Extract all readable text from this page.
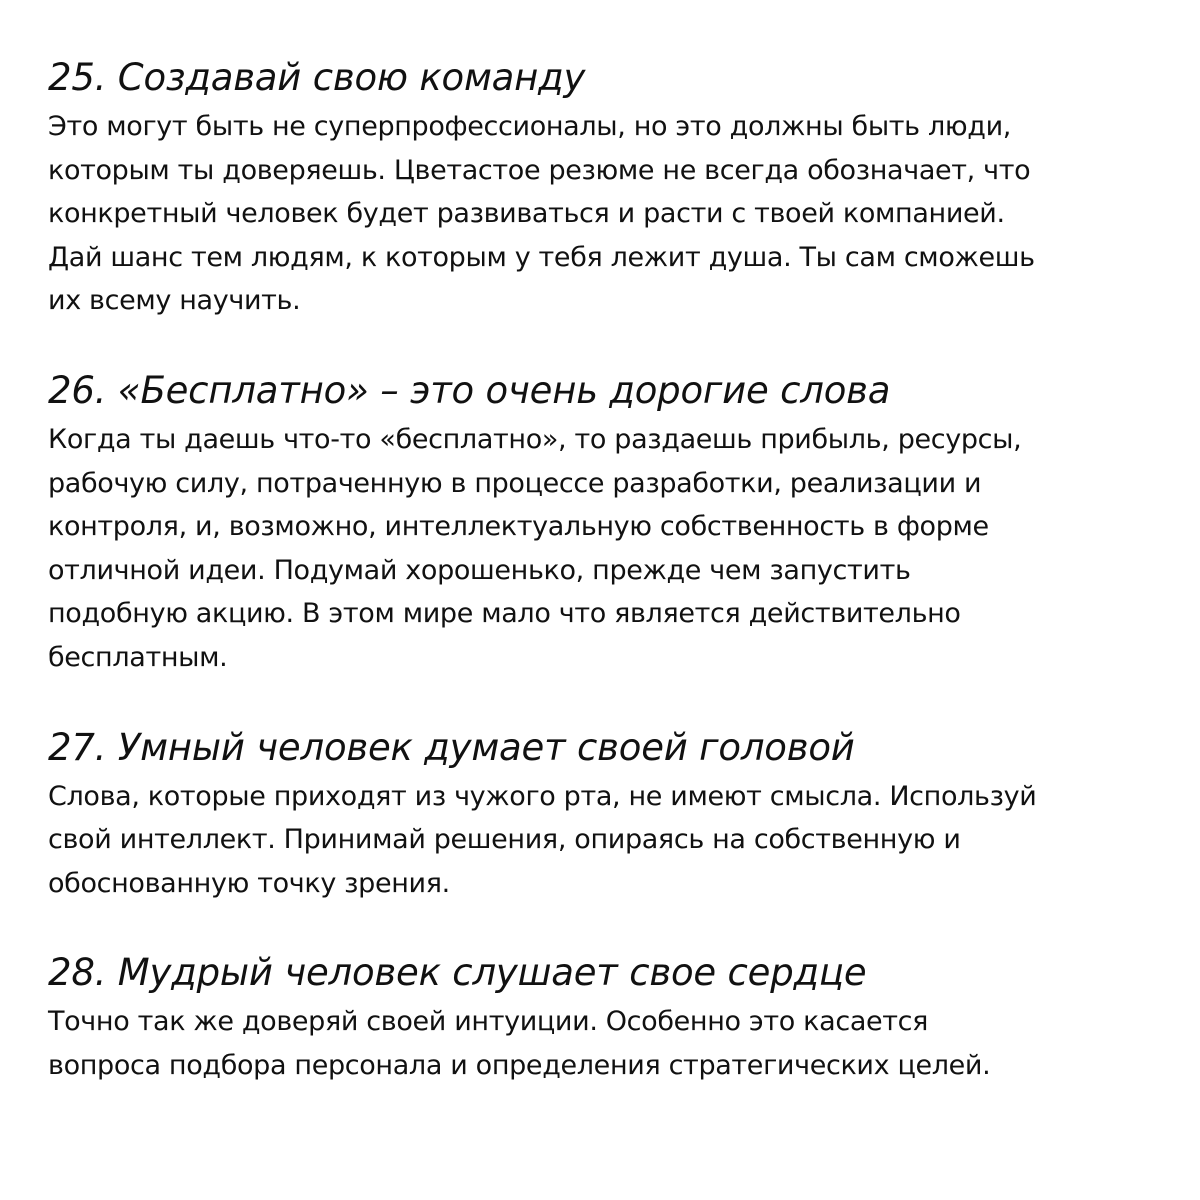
25. Создавай свою команду
Это могут быть не суперпрофессионалы, но это должны быть люди,
которым ты доверяешь. Цветастое резюме не всегда обозначает, что
конкретный человек будет развиваться и расти с твоей компанией.
Дай шанс тем людям, к которым у тебя лежит душа. Ты сам сможешь
их всему научить.
26. «Бесплатно» – это очень дорогие слова
Когда ты даешь что-то «бесплатно», то раздаешь прибыль, ресурсы,
рабочую силу, потраченную в процессе разработки, реализации и
контроля, и, возможно, интеллектуальную собственность в форме
отличной идеи. Подумай хорошенько, прежде чем запустить
подобную акцию. В этом мире мало что является действительно
бесплатным.
27. Умный человек думает своей головой
Слова, которые приходят из чужого рта, не имеют смысла. Используй
свой интеллект. Принимай решения, опираясь на собственную и
обоснованную точку зрения.
28. Мудрый человек слушает свое сердце
Точно так же доверяй своей интуиции. Особенно это касается
вопроса подбора персонала и определения стратегических целей.
